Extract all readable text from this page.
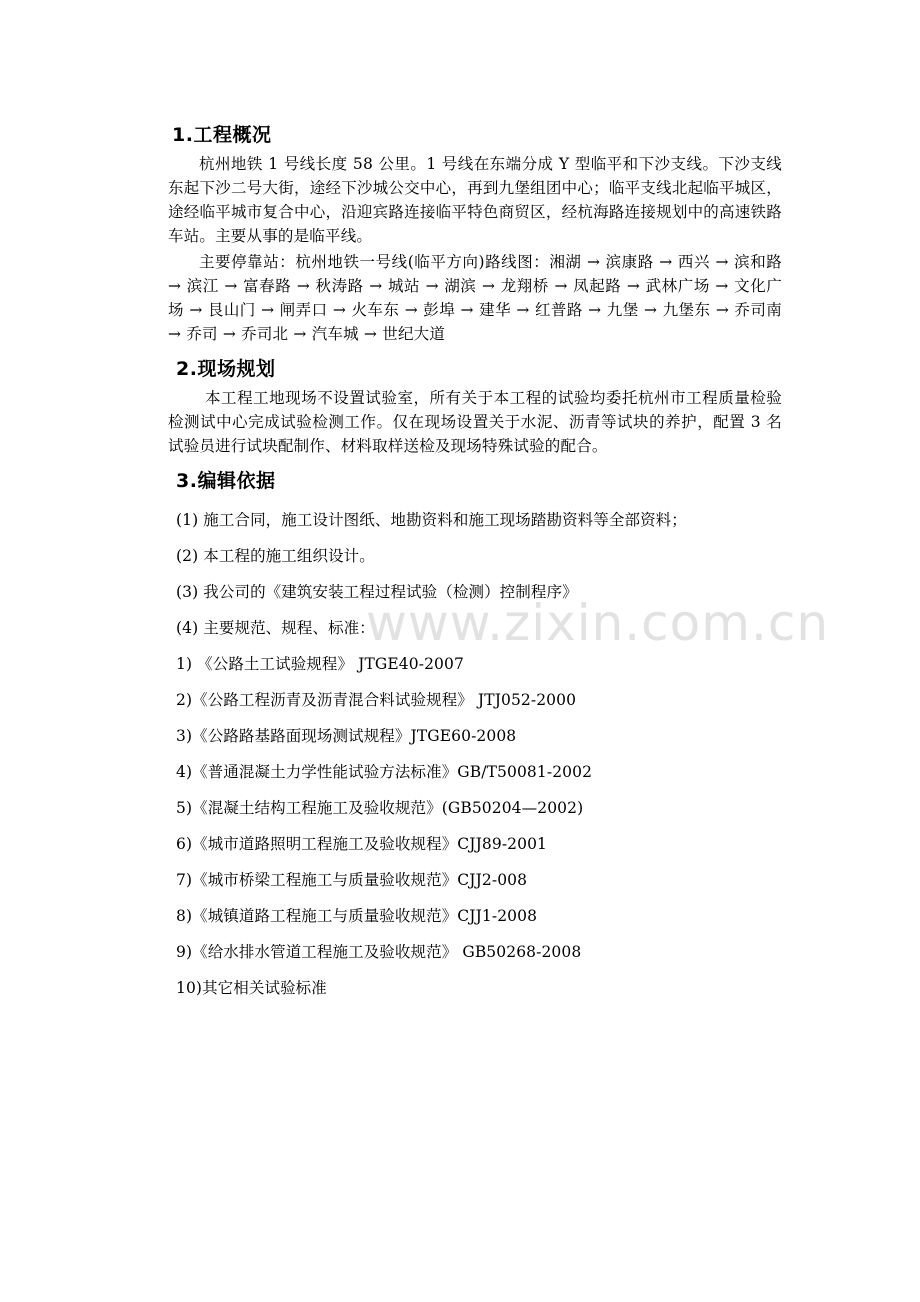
1.工程概况

杭州地铁 1 号线长度 58 公里。1 号线在东端分成 Y 型临平和下沙支线。下沙支线东起下沙二号大街，途经下沙城公交中心，再到九堡组团中心；临平支线北起临平城区，途经临平城市复合中心，沿迎宾路连接临平特色商贸区，经杭海路连接规划中的高速铁路车站。主要从事的是临平线。

主要停靠站：杭州地铁一号线(临平方向)路线图：湘湖 → 滨康路 → 西兴 → 滨和路 → 滨江 → 富春路 → 秋涛路 → 城站 → 湖滨 → 龙翔桥 → 凤起路 → 武林广场 → 文化广场 → 艮山门 → 闸弄口 → 火车东 → 彭埠 → 建华 → 红普路 → 九堡 → 九堡东 → 乔司南 → 乔司 → 乔司北 → 汽车城 → 世纪大道

2.现场规划

本工程工地现场不设置试验室，所有关于本工程的试验均委托杭州市工程质量检验检测试中心完成试验检测工作。仅在现场设置关于水泥、沥青等试块的养护，配置 3 名试验员进行试块配制作、材料取样送检及现场特殊试验的配合。

3.编辑依据
(1) 施工合同，施工设计图纸、地勘资料和施工现场踏勘资料等全部资料；
(2) 本工程的施工组织设计。
(3) 我公司的《建筑安装工程过程试验（检测）控制程序》
(4) 主要规范、规程、标准：
1) 《公路土工试验规程》 JTGE40-2007
2)《公路工程沥青及沥青混合料试验规程》 JTJ052-2000
3)《公路路基路面现场测试规程》JTGE60-2008
4)《普通混凝土力学性能试验方法标准》GB/T50081-2002
5)《混凝土结构工程施工及验收规范》(GB50204—2002)
6)《城市道路照明工程施工及验收规程》CJJ89-2001
7)《城市桥梁工程施工与质量验收规范》CJJ2-008
8)《城镇道路工程施工与质量验收规范》CJJ1-2008
9)《给水排水管道工程施工及验收规范》 GB50268-2008
10)其它相关试验标准
www.zixin.com.cn
